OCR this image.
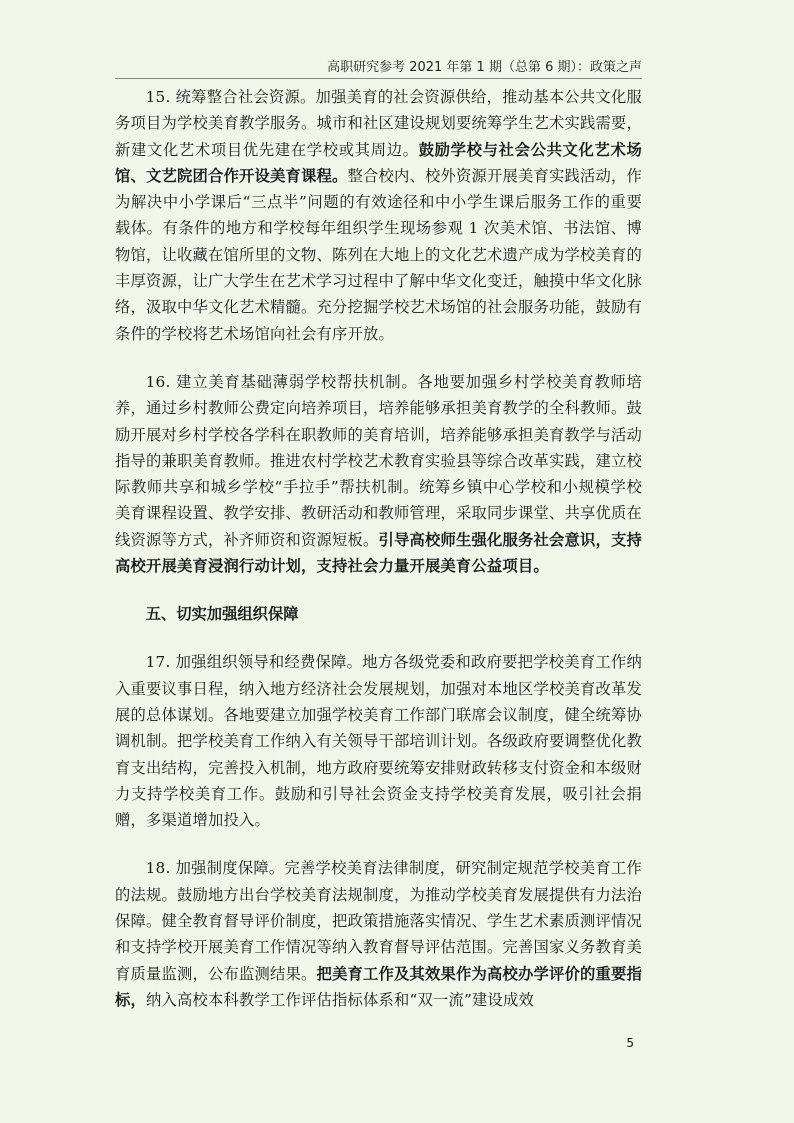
高职研究参考 2021 年第 1 期（总第 6 期）：政策之声

15. 统筹整合社会资源。加强美育的社会资源供给，推动基本公共文化服务项目为学校美育教学服务。城市和社区建设规划要统筹学生艺术实践需要，新建文化艺术项目优先建在学校或其周边。鼓励学校与社会公共文化艺术场馆、文艺院团合作开设美育课程。整合校内、校外资源开展美育实践活动，作为解决中小学课后“三点半”问题的有效途径和中小学生课后服务工作的重要载体。有条件的地方和学校每年组织学生现场参观 1 次美术馆、书法馆、博物馆，让收藏在馆所里的文物、陈列在大地上的文化艺术遗产成为学校美育的丰厚资源，让广大学生在艺术学习过程中了解中华文化变迁，触摸中华文化脉络，汲取中华文化艺术精髓。充分挖掘学校艺术场馆的社会服务功能，鼓励有条件的学校将艺术场馆向社会有序开放。

16. 建立美育基础薄弱学校帮扶机制。各地要加强乡村学校美育教师培养，通过乡村教师公费定向培养项目，培养能够承担美育教学的全科教师。鼓励开展对乡村学校各学科在职教师的美育培训，培养能够承担美育教学与活动指导的兼职美育教师。推进农村学校艺术教育实验县等综合改革实践，建立校际教师共享和城乡学校“手拉手”帮扶机制。统筹乡镇中心学校和小规模学校美育课程设置、教学安排、教研活动和教师管理，采取同步课堂、共享优质在线资源等方式，补齐师资和资源短板。引导高校师生强化服务社会意识，支持高校开展美育浸润行动计划，支持社会力量开展美育公益项目。

五、切实加强组织保障

17. 加强组织领导和经费保障。地方各级党委和政府要把学校美育工作纳入重要议事日程，纳入地方经济社会发展规划，加强对本地区学校美育改革发展的总体谋划。各地要建立加强学校美育工作部门联席会议制度，健全统筹协调机制。把学校美育工作纳入有关领导干部培训计划。各级政府要调整优化教育支出结构，完善投入机制，地方政府要统筹安排财政转移支付资金和本级财力支持学校美育工作。鼓励和引导社会资金支持学校美育发展，吸引社会捐赠，多渠道增加投入。

18. 加强制度保障。完善学校美育法律制度，研究制定规范学校美育工作的法规。鼓励地方出台学校美育法规制度，为推动学校美育发展提供有力法治保障。健全教育督导评价制度，把政策措施落实情况、学生艺术素质测评情况和支持学校开展美育工作情况等纳入教育督导评估范围。完善国家义务教育美育质量监测，公布监测结果。把美育工作及其效果作为高校办学评价的重要指标，纳入高校本科教学工作评估指标体系和“双一流”建设成效

5
